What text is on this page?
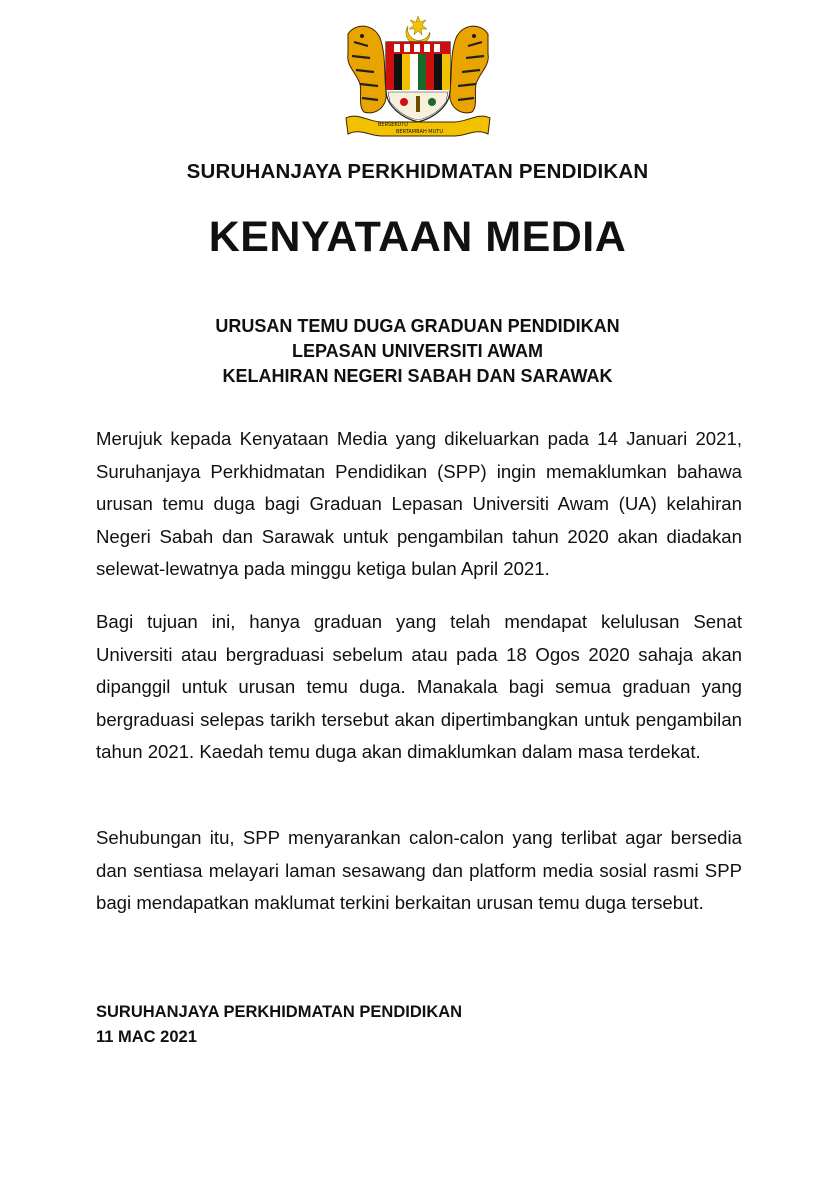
BERSEKUTU
BERTAMBAH MUTU
SURUHANJAYA PERKHIDMATAN PENDIDIKAN
KENYATAAN MEDIA
URUSAN TEMU DUGA GRADUAN PENDIDIKAN
LEPASAN UNIVERSITI AWAM
KELAHIRAN NEGERI SABAH DAN SARAWAK
Merujuk kepada Kenyataan Media yang dikeluarkan pada 14 Januari 2021, Suruhanjaya Perkhidmatan Pendidikan (SPP) ingin memaklumkan bahawa urusan temu duga bagi Graduan Lepasan Universiti Awam (UA) kelahiran Negeri Sabah dan Sarawak untuk pengambilan tahun 2020 akan diadakan selewat-lewatnya pada minggu ketiga bulan April 2021.
Bagi tujuan ini, hanya graduan yang telah mendapat kelulusan Senat Universiti atau bergraduasi sebelum atau pada 18 Ogos 2020 sahaja akan dipanggil untuk urusan temu duga. Manakala bagi semua graduan yang bergraduasi selepas tarikh tersebut akan dipertimbangkan untuk pengambilan tahun 2021. Kaedah temu duga akan dimaklumkan dalam masa terdekat.
Sehubungan itu, SPP menyarankan calon-calon yang terlibat agar bersedia dan sentiasa melayari laman sesawang dan platform media sosial rasmi SPP bagi mendapatkan maklumat terkini berkaitan urusan temu duga tersebut.
SURUHANJAYA PERKHIDMATAN PENDIDIKAN
11 MAC 2021
